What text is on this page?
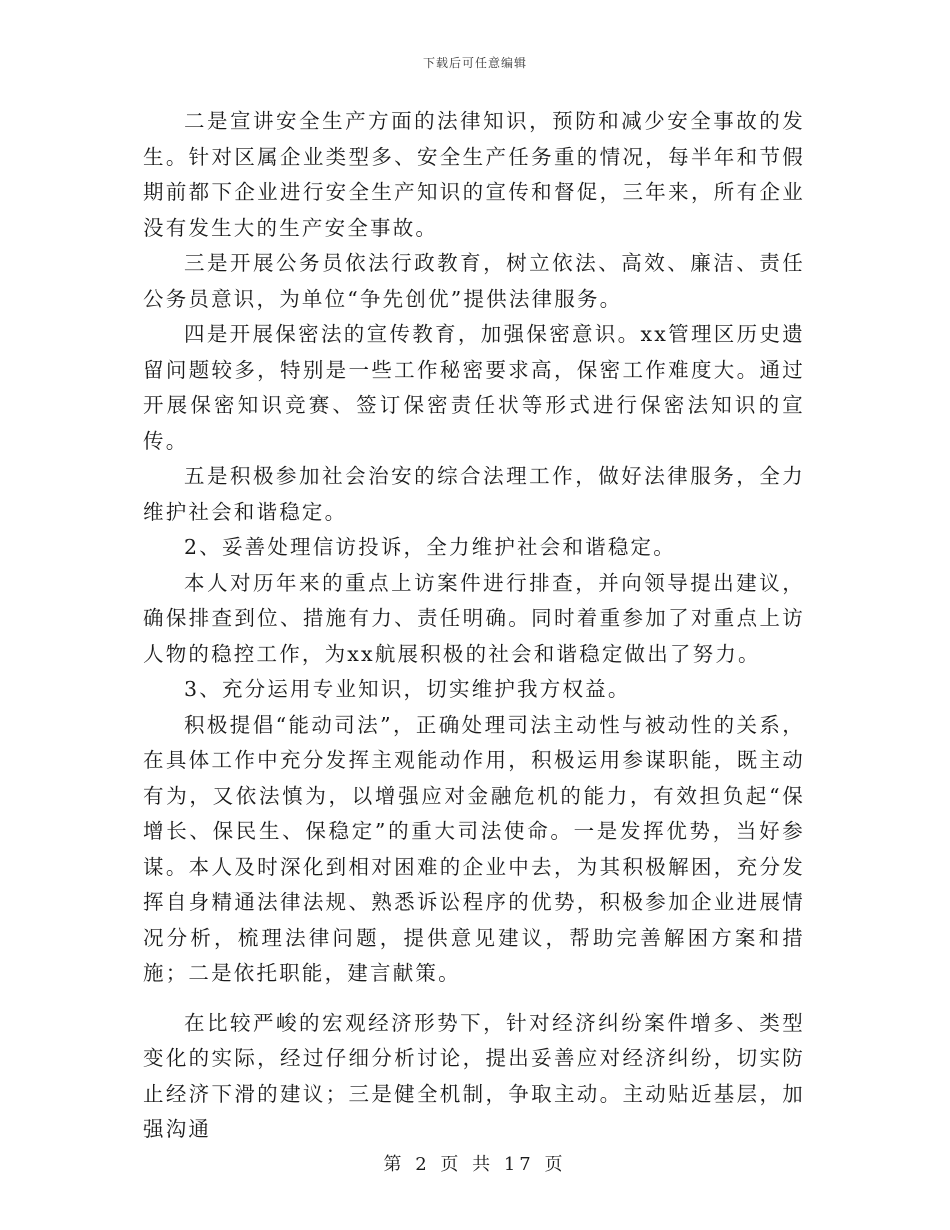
下载后可任意编辑

二是宣讲安全生产方面的法律知识，预防和减少安全事故的发生。针对区属企业类型多、安全生产任务重的情况，每半年和节假期前都下企业进行安全生产知识的宣传和督促，三年来，所有企业没有发生大的生产安全事故。

三是开展公务员依法行政教育，树立依法、高效、廉洁、责任公务员意识，为单位“争先创优”提供法律服务。

四是开展保密法的宣传教育，加强保密意识。xx管理区历史遗留问题较多，特别是一些工作秘密要求高，保密工作难度大。通过开展保密知识竞赛、签订保密责任状等形式进行保密法知识的宣传。

五是积极参加社会治安的综合法理工作，做好法律服务，全力维护社会和谐稳定。

2、妥善处理信访投诉，全力维护社会和谐稳定。

本人对历年来的重点上访案件进行排查，并向领导提出建议，确保排查到位、措施有力、责任明确。同时着重参加了对重点上访人物的稳控工作，为xx航展积极的社会和谐稳定做出了努力。

3、充分运用专业知识，切实维护我方权益。

积极提倡“能动司法”，正确处理司法主动性与被动性的关系，在具体工作中充分发挥主观能动作用，积极运用参谋职能，既主动有为，又依法慎为，以增强应对金融危机的能力，有效担负起“保增长、保民生、保稳定”的重大司法使命。一是发挥优势，当好参谋。本人及时深化到相对困难的企业中去，为其积极解困，充分发挥自身精通法律法规、熟悉诉讼程序的优势，积极参加企业进展情况分析，梳理法律问题，提供意见建议，帮助完善解困方案和措施；二是依托职能，建言献策。

在比较严峻的宏观经济形势下，针对经济纠纷案件增多、类型变化的实际，经过仔细分析讨论，提出妥善应对经济纠纷，切实防止经济下滑的建议；三是健全机制，争取主动。主动贴近基层，加强沟通

第 2 页 共 17 页
